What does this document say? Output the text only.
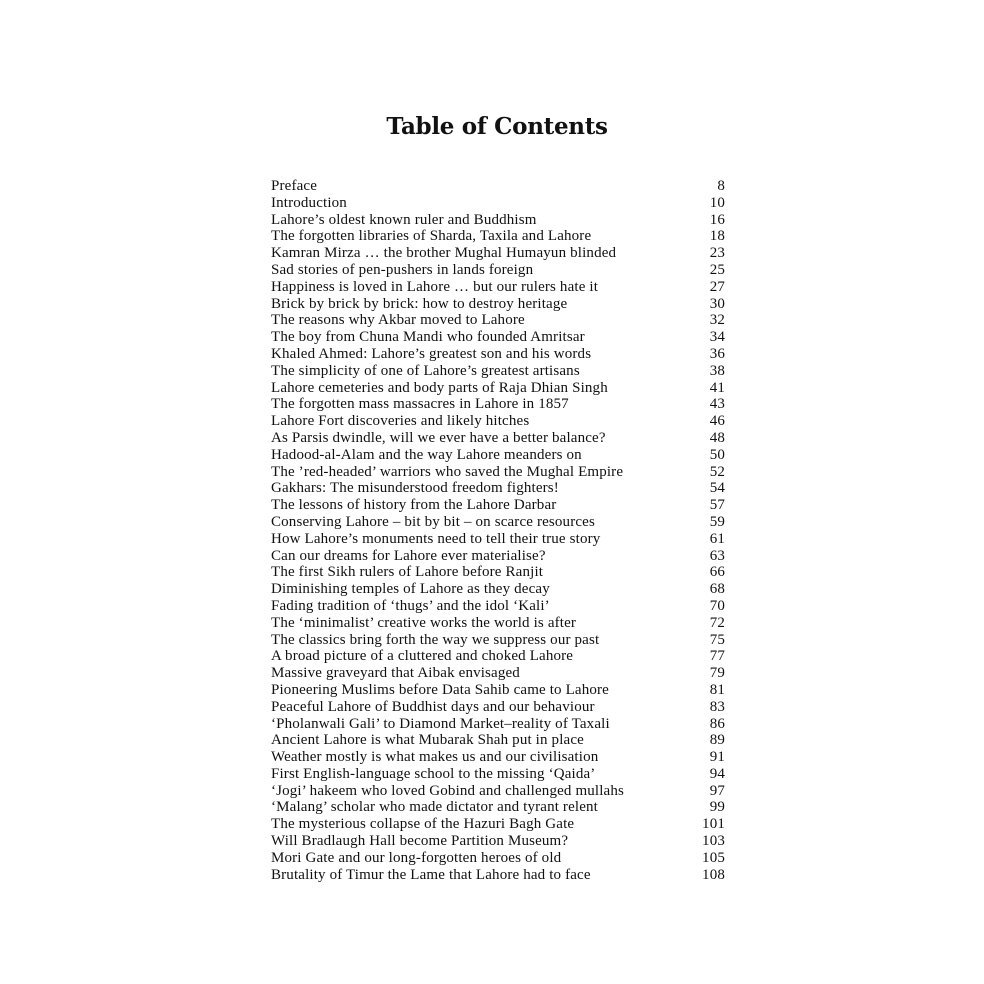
Table of Contents
Preface	8
Introduction	10
Lahore’s oldest known ruler and Buddhism	16
The forgotten libraries of Sharda, Taxila and Lahore	18
Kamran Mirza … the brother Mughal Humayun blinded	23
Sad stories of pen-pushers in lands foreign	25
Happiness is loved in Lahore … but our rulers hate it	27
Brick by brick by brick: how to destroy heritage	30
The reasons why Akbar moved to Lahore	32
The boy from Chuna Mandi who founded Amritsar	34
Khaled Ahmed: Lahore’s greatest son and his words	36
The simplicity of one of Lahore’s greatest artisans	38
Lahore cemeteries and body parts of Raja Dhian Singh	41
The forgotten mass massacres in Lahore in 1857	43
Lahore Fort discoveries and likely hitches	46
As Parsis dwindle, will we ever have a better balance?	48
Hadood-al-Alam and the way Lahore meanders on	50
The ’red-headed’ warriors who saved the Mughal Empire	52
Gakhars: The misunderstood freedom fighters!	54
The lessons of history from the Lahore Darbar	57
Conserving Lahore – bit by bit – on scarce resources	59
How Lahore’s monuments need to tell their true story	61
Can our dreams for Lahore ever materialise?	63
The first Sikh rulers of Lahore before Ranjit	66
Diminishing temples of Lahore as they decay	68
Fading tradition of ‘thugs’ and the idol ‘Kali’	70
The ‘minimalist’ creative works the world is after	72
The classics bring forth the way we suppress our past	75
A broad picture of a cluttered and choked Lahore	77
Massive graveyard that Aibak envisaged	79
Pioneering Muslims before Data Sahib came to Lahore	81
Peaceful Lahore of Buddhist days and our behaviour	83
‘Pholanwali Gali’ to Diamond Market–reality of Taxali	86
Ancient Lahore is what Mubarak Shah put in place	89
Weather mostly is what makes us and our civilisation	91
First English-language school to the missing ‘Qaida’	94
‘Jogi’ hakeem who loved Gobind and challenged mullahs	97
‘Malang’ scholar who made dictator and tyrant relent	99
The mysterious collapse of the Hazuri Bagh Gate	101
Will Bradlaugh Hall become Partition Museum?	103
Mori Gate and our long-forgotten heroes of old	105
Brutality of Timur the Lame that Lahore had to face	108
